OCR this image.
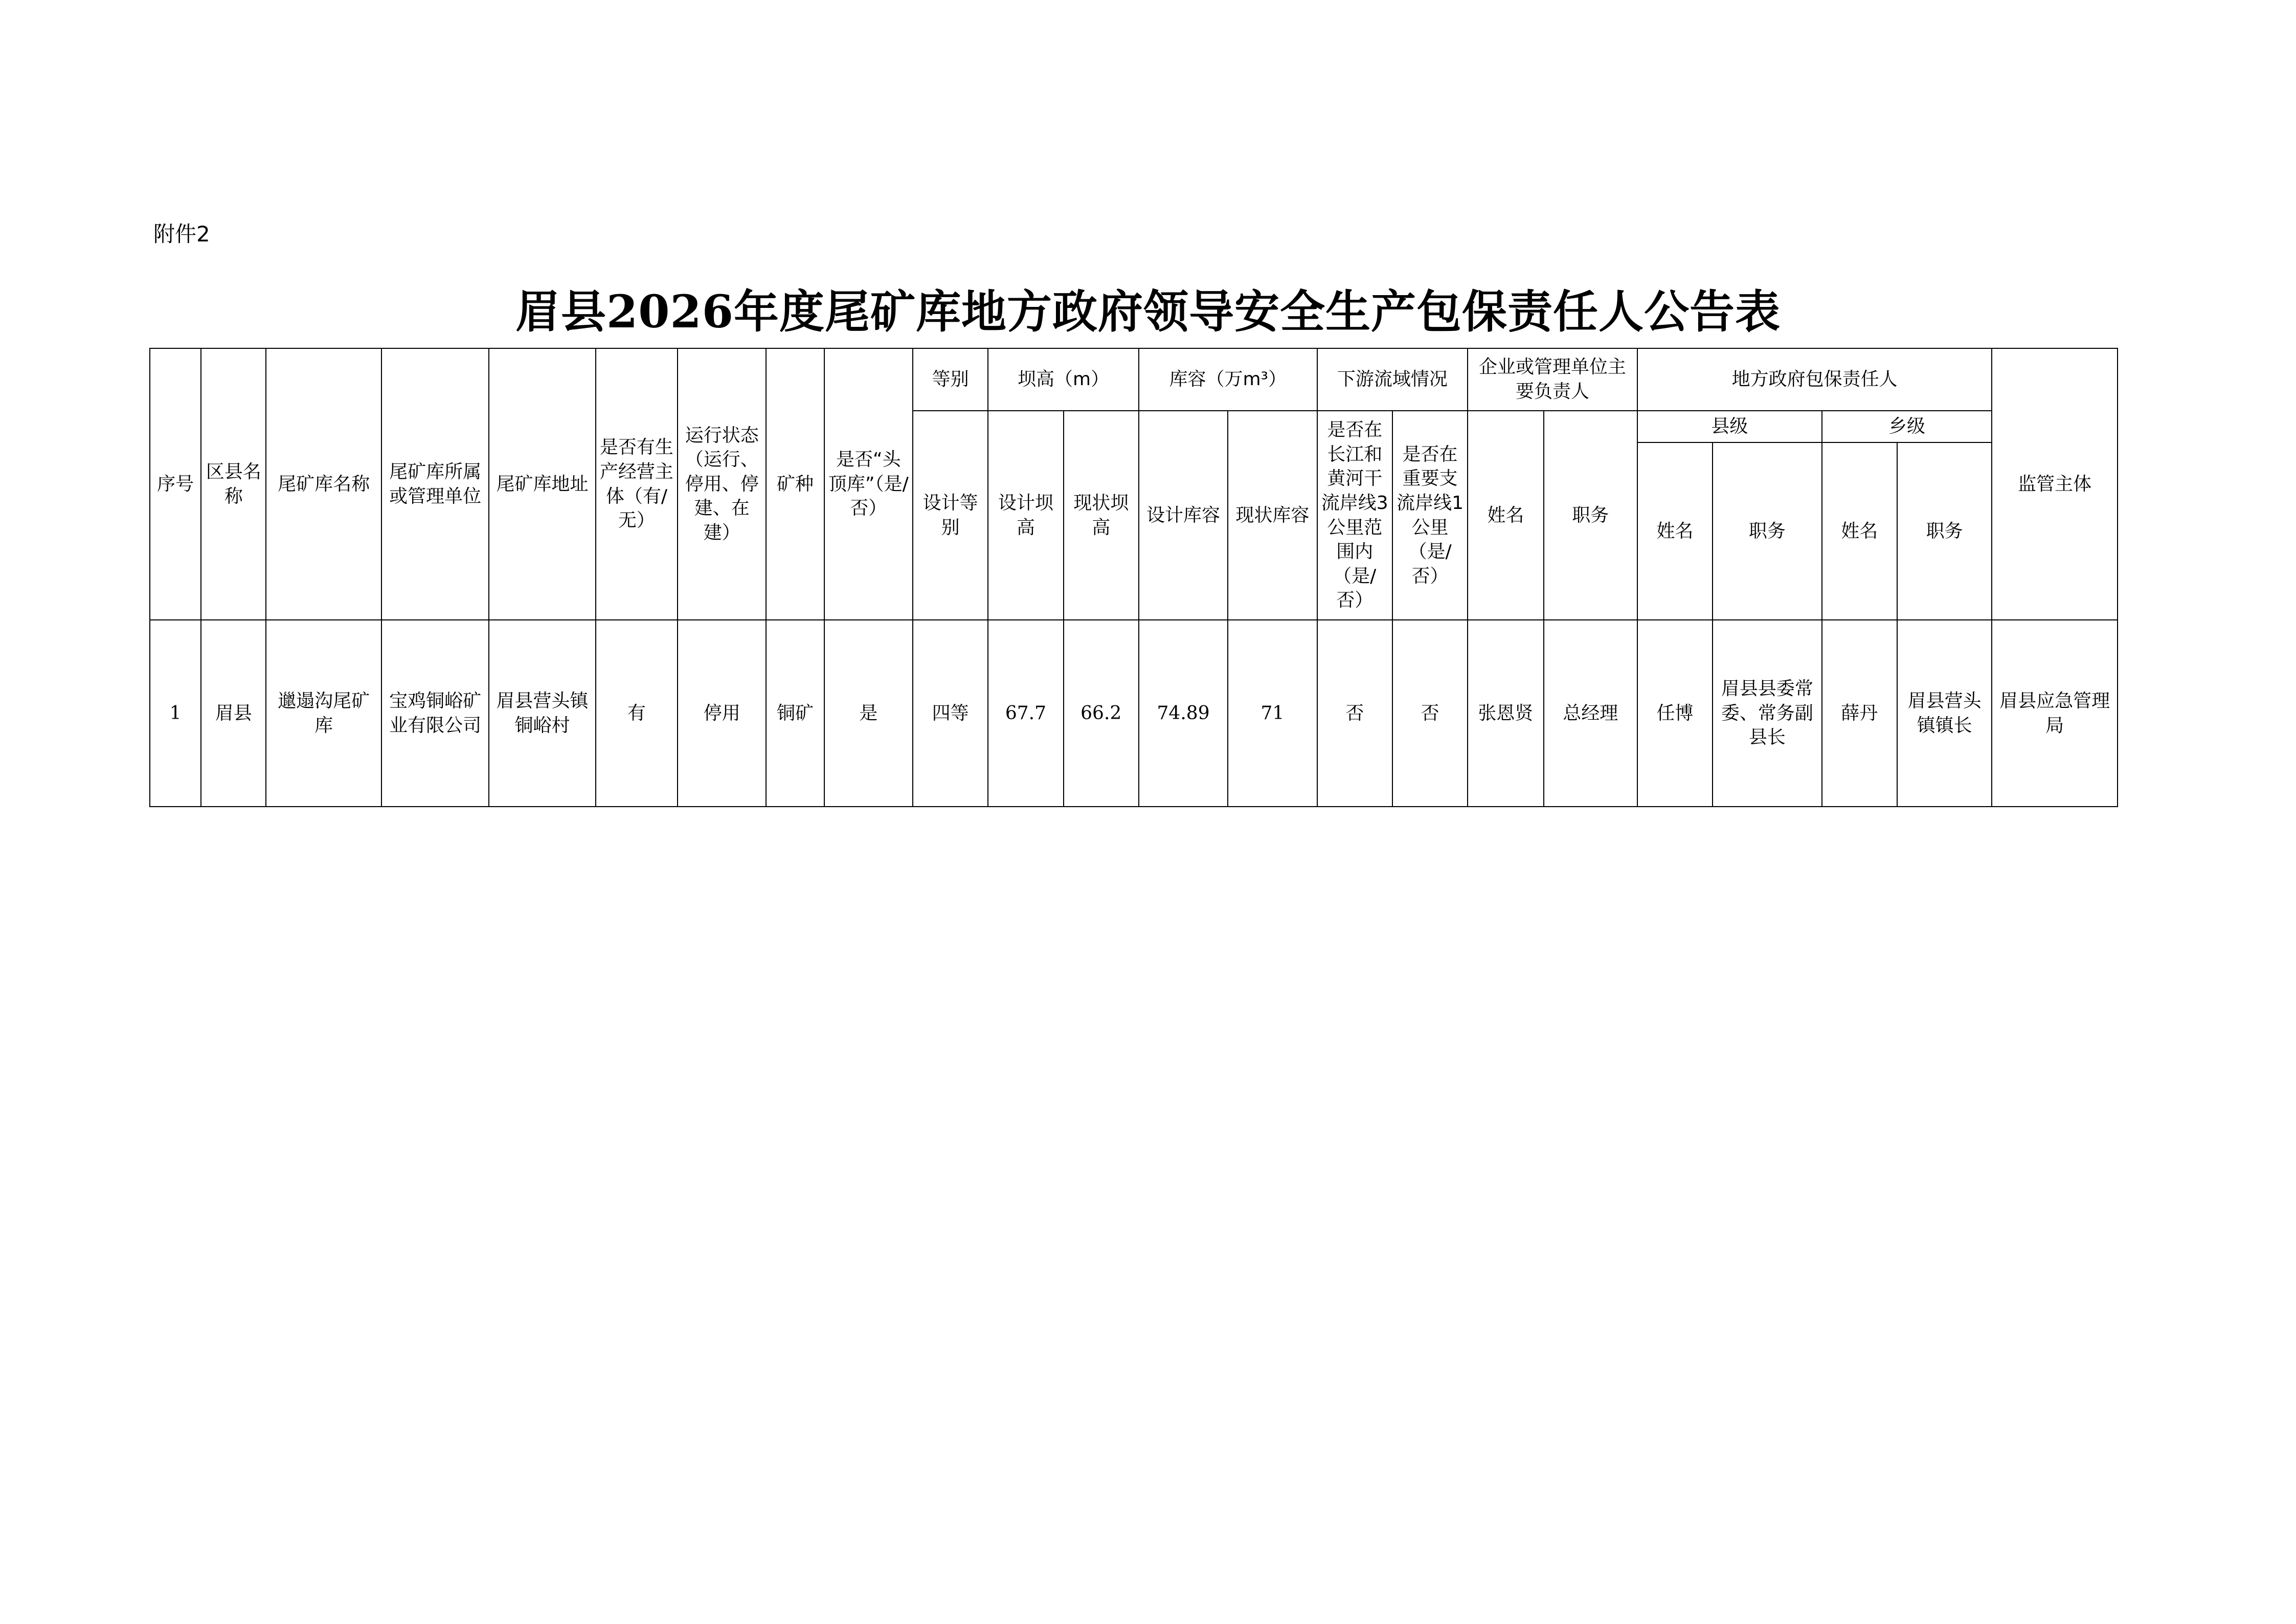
附件2
眉县2026年度尾矿库地方政府领导安全生产包保责任人公告表
序号	区县名称	尾矿库名称	尾矿库所属或管理单位	尾矿库地址	是否有生产经营主体（有/无）	运行状态（运行、停用、停建、在建）	矿种	是否“头顶库”（是/否）	等别	坝高（m）		库容（万m³）		下游流域情况		企业或管理单位主要负责人		地方政府包保责任人				监管主体
									设计等别	设计坝高	现状坝高	设计库容	现状库容	是否在长江和黄河干流岸线3公里范围内（是/否）	是否在重要支流岸线1公里（是/否）	姓名	职务	县级		乡级		
																		姓名	职务	姓名	职务	
1	眉县	邋遢沟尾矿库	宝鸡铜峪矿业有限公司	眉县营头镇铜峪村	有	停用	铜矿	是	四等	67.7	66.2	74.89	71	否	否	张恩贤	总经理	任博	眉县县委常委、常务副县长	薛丹	眉县营头镇镇长	眉县应急管理局
